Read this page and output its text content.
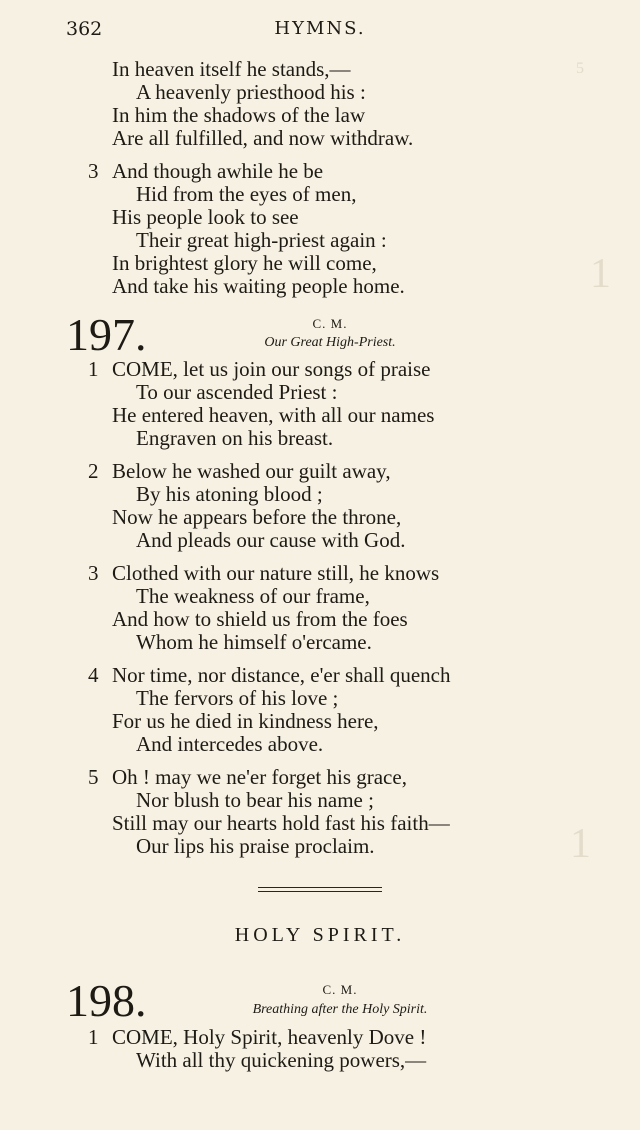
5
1
1
362	HYMNS.
In heaven itself he stands,—
A heavenly priesthood his :
In him the shadows of the law
Are all fulfilled, and now withdraw.
3 And though awhile he be
Hid from the eyes of men,
His people look to see
Their great high-priest again :
In brightest glory he will come,
And take his waiting people home.
197.	C. M.
Our Great High-Priest.
1 COME, let us join our songs of praise
To our ascended Priest :
He entered heaven, with all our names
Engraven on his breast.
2 Below he washed our guilt away,
By his atoning blood ;
Now he appears before the throne,
And pleads our cause with God.
3 Clothed with our nature still, he knows
The weakness of our frame,
And how to shield us from the foes
Whom he himself o'ercame.
4 Nor time, nor distance, e'er shall quench
The fervors of his love ;
For us he died in kindness here,
And intercedes above.
5 Oh ! may we ne'er forget his grace,
Nor blush to bear his name ;
Still may our hearts hold fast his faith—
Our lips his praise proclaim.
HOLY SPIRIT.
198.	C. M.
Breathing after the Holy Spirit.
1 COME, Holy Spirit, heavenly Dove !
With all thy quickening powers,—
